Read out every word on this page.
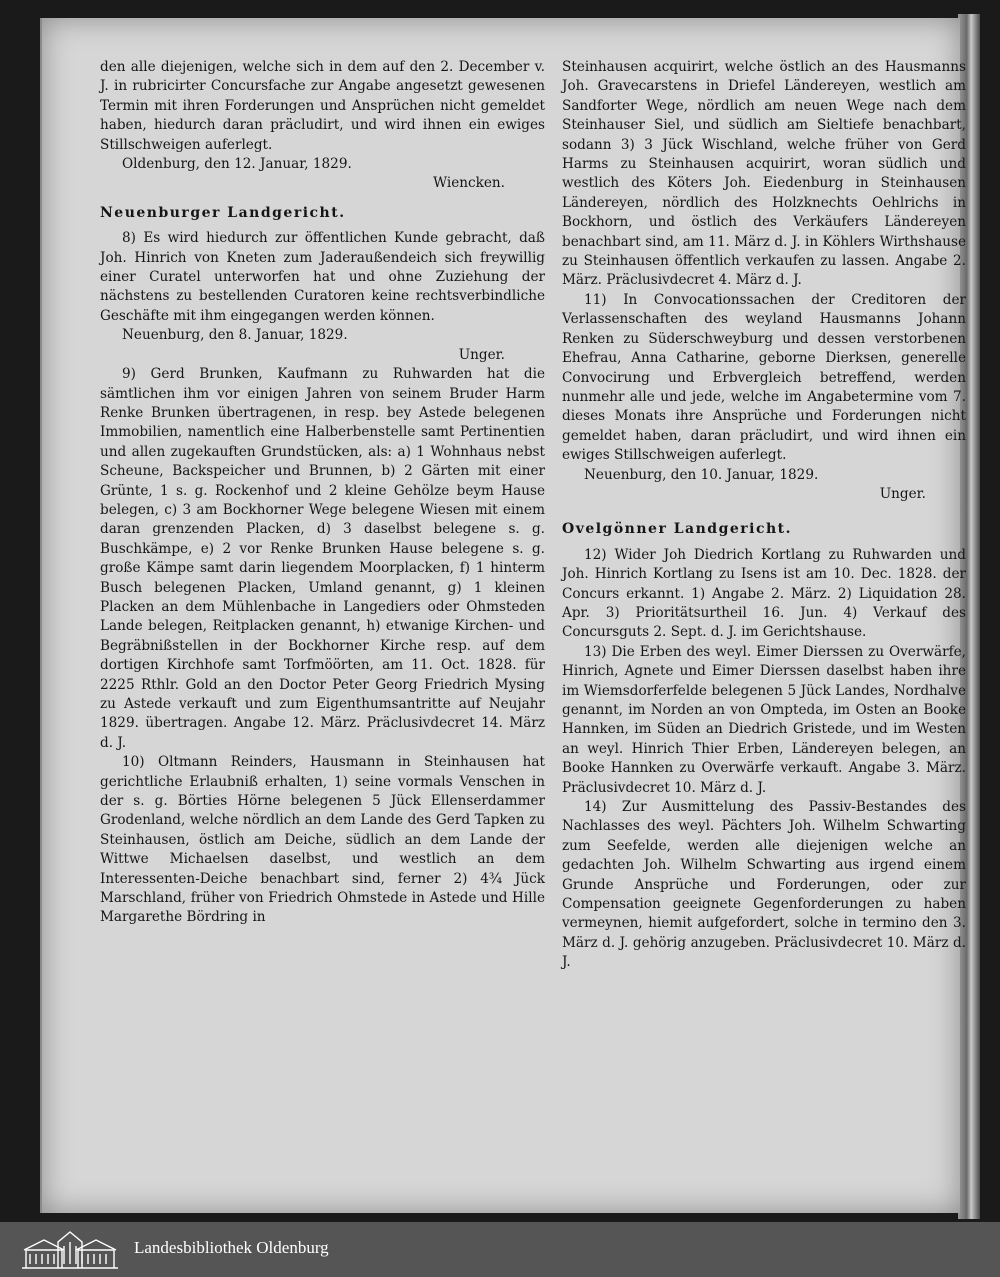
den alle diejenigen, welche sich in dem auf den 2. December v. J. in rubricirter Concursfache zur Angabe angesetzt gewesenen Termin mit ihren Forderungen und Ansprüchen nicht gemeldet haben, hiedurch daran präcludirt, und wird ihnen ein ewiges Stillschweigen auferlegt.

Oldenburg, den 12. Januar, 1829.

Wiencken.

Neuenburger Landgericht.

8) Es wird hiedurch zur öffentlichen Kunde gebracht, daß Joh. Hinrich von Kneten zum Jaderaußendeich sich freywillig einer Curatel unterworfen hat und ohne Zuziehung der nächstens zu bestellenden Curatoren keine rechtsverbindliche Geschäfte mit ihm eingegangen werden können.

Neuenburg, den 8. Januar, 1829.

Unger.

9) Gerd Brunken, Kaufmann zu Ruhwarden hat die sämtlichen ihm vor einigen Jahren von seinem Bruder Harm Renke Brunken übertragenen, in resp. bey Astede belegenen Immobilien, namentlich eine Halberbenstelle samt Pertinentien und allen zugekauften Grundstücken, als: a) 1 Wohnhaus nebst Scheune, Backspeicher und Brunnen, b) 2 Gärten mit einer Grünte, 1 s. g. Rockenhof und 2 kleine Gehölze beym Hause belegen, c) 3 am Bockhorner Wege belegene Wiesen mit einem daran grenzenden Placken, d) 3 daselbst belegene s. g. Buschkämpe, e) 2 vor Renke Brunken Hause belegene s. g. große Kämpe samt darin liegendem Moorplacken, f) 1 hinterm Busch belegenen Placken, Umland genannt, g) 1 kleinen Placken an dem Mühlenbache in Langediers oder Ohmsteden Lande belegen, Reitplacken genannt, h) etwanige Kirchen- und Begräbnißstellen in der Bockhorner Kirche resp. auf dem dortigen Kirchhofe samt Torfmöörten, am 11. Oct. 1828. für 2225 Rthlr. Gold an den Doctor Peter Georg Friedrich Mysing zu Astede verkauft und zum Eigenthumsantritte auf Neujahr 1829. übertragen. Angabe 12. März. Präclusivdecret 14. März d. J.

10) Oltmann Reinders, Hausmann in Steinhausen hat gerichtliche Erlaubniß erhalten, 1) seine vormals Venschen in der s. g. Börties Hörne belegenen 5 Jück Ellenserdammer Grodenland, welche nördlich an dem Lande des Gerd Tapken zu Steinhausen, östlich am Deiche, südlich an dem Lande der Wittwe Michaelsen daselbst, und westlich an dem Interessenten-Deiche benachbart sind, ferner 2) 4¾ Jück Marschland, früher von Friedrich Ohmstede in Astede und Hille Margarethe Bördring in

Steinhausen acquirirt, welche östlich an des Hausmanns Joh. Gravecarstens in Driefel Ländereyen, westlich am Sandforter Wege, nördlich am neuen Wege nach dem Steinhauser Siel, und südlich am Sieltiefe benachbart, sodann 3) 3 Jück Wischland, welche früher von Gerd Harms zu Steinhausen acquirirt, woran südlich und westlich des Köters Joh. Eiedenburg in Steinhausen Ländereyen, nördlich des Holzknechts Oehlrichs in Bockhorn, und östlich des Verkäufers Ländereyen benachbart sind, am 11. März d. J. in Köhlers Wirthshause zu Steinhausen öffentlich verkaufen zu lassen. Angabe 2. März. Präclusivdecret 4. März d. J.

11) In Convocationssachen der Creditoren der Verlassenschaften des weyland Hausmanns Johann Renken zu Süderschweyburg und dessen verstorbenen Ehefrau, Anna Catharine, geborne Dierksen, generelle Convocirung und Erbvergleich betreffend, werden nunmehr alle und jede, welche im Angabetermine vom 7. dieses Monats ihre Ansprüche und Forderungen nicht gemeldet haben, daran präcludirt, und wird ihnen ein ewiges Stillschweigen auferlegt.

Neuenburg, den 10. Januar, 1829.

Unger.

Ovelgönner Landgericht.

12) Wider Joh Diedrich Kortlang zu Ruhwarden und Joh. Hinrich Kortlang zu Isens ist am 10. Dec. 1828. der Concurs erkannt. 1) Angabe 2. März. 2) Liquidation 28. Apr. 3) Prioritätsurtheil 16. Jun. 4) Verkauf des Concursguts 2. Sept. d. J. im Gerichtshause.

13) Die Erben des weyl. Eimer Dierssen zu Overwärfe, Hinrich, Agnete und Eimer Dierssen daselbst haben ihre im Wiemsdorferfelde belegenen 5 Jück Landes, Nordhalve genannt, im Norden an von Ompteda, im Osten an Booke Hannken, im Süden an Diedrich Gristede, und im Westen an weyl. Hinrich Thier Erben, Ländereyen belegen, an Booke Hannken zu Overwärfe verkauft. Angabe 3. März. Präclusivdecret 10. März d. J.

14) Zur Ausmittelung des Passiv-Bestandes des Nachlasses des weyl. Pächters Joh. Wilhelm Schwarting zum Seefelde, werden alle diejenigen welche an gedachten Joh. Wilhelm Schwarting aus irgend einem Grunde Ansprüche und Forderungen, oder zur Compensation geeignete Gegenforderungen zu haben vermeynen, hiemit aufgefordert, solche in termino den 3. März d. J. gehörig anzugeben. Präclusivdecret 10. März d. J.

Landesbibliothek Oldenburg
